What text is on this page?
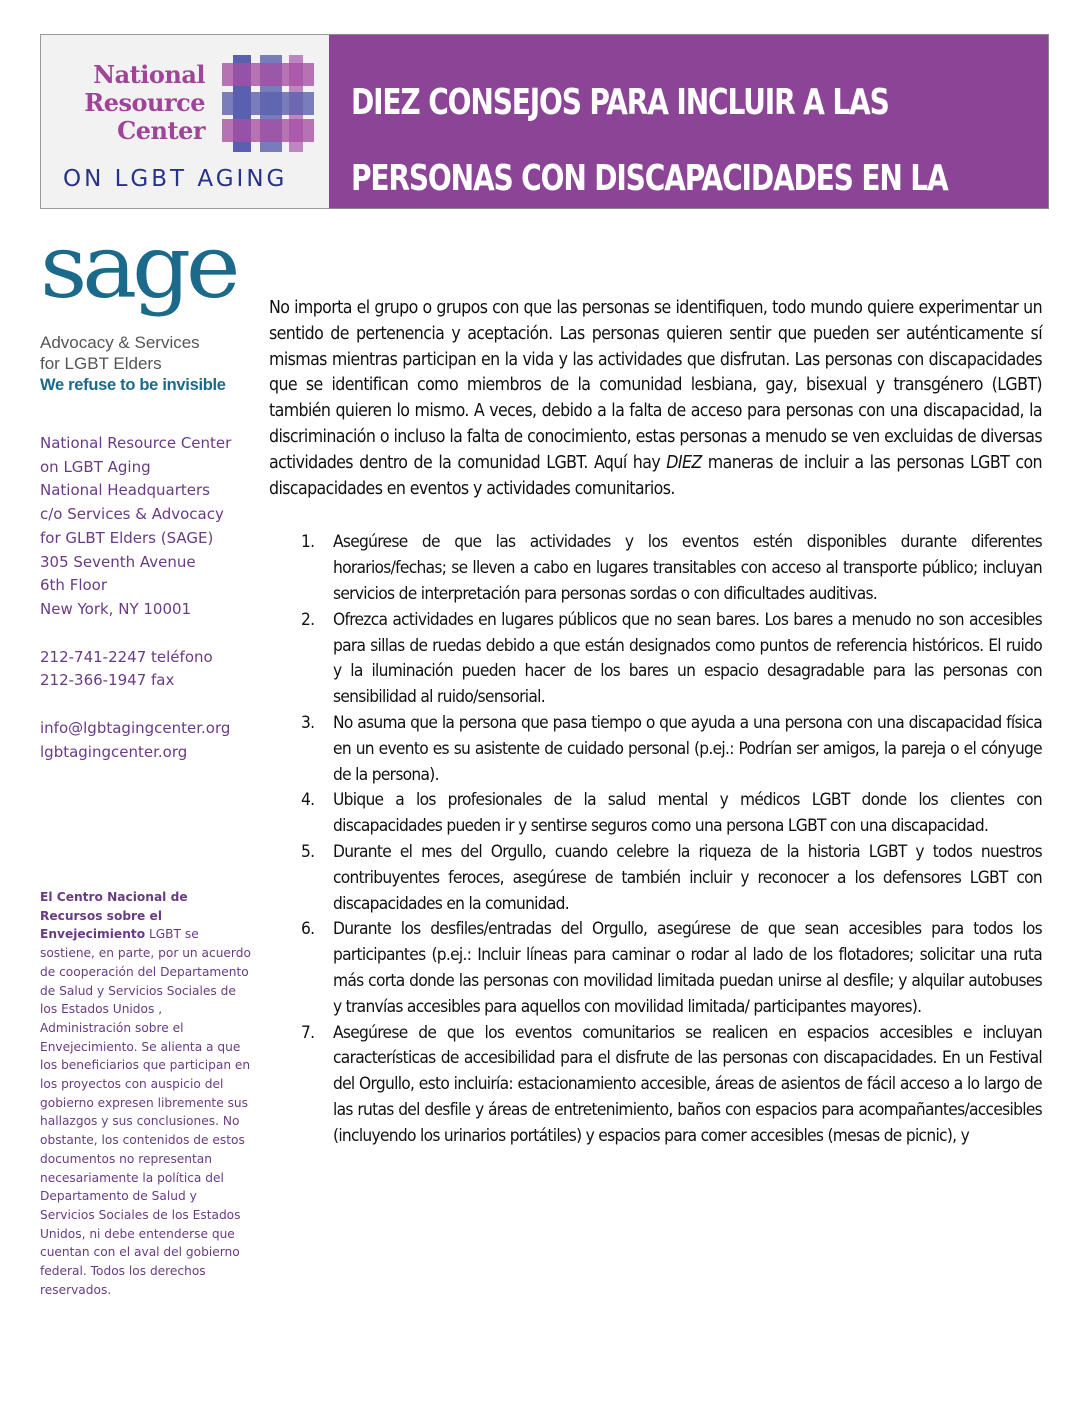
National
Resource
Center
ON LGBT AGING
DIEZ CONSEJOS PARA INCLUIR A LAS
PERSONAS CON DISCAPACIDADES EN LA
sage
Advocacy & Services
for LGBT Elders
We refuse to be invisible
National Resource Center
on LGBT Aging
National Headquarters
c/o Services & Advocacy
for GLBT Elders (SAGE)
305 Seventh Avenue
6th Floor
New York, NY 10001
212-741-2247 teléfono
212-366-1947 fax
info@lgbtagingcenter.org
lgbtagingcenter.org
El Centro Nacional de Recursos sobre el Envejecimiento LGBT se sostiene, en parte, por un acuerdo de cooperación del Departamento de Salud y Servicios Sociales de los Estados Unidos , Administración sobre el Envejecimiento. Se alienta a que los beneficiarios que participan en los proyectos con auspicio del gobierno expresen libremente sus hallazgos y sus conclusiones. No obstante, los contenidos de estos documentos no representan necesariamente la política del Departamento de Salud y Servicios Sociales de los Estados Unidos, ni debe entenderse que cuentan con el aval del gobierno federal. Todos los derechos reservados.

No importa el grupo o grupos con que las personas se identifiquen, todo mundo quiere experimentar un sentido de pertenencia y aceptación. Las personas quieren sentir que pueden ser auténticamente sí mismas mientras participan en la vida y las actividades que disfrutan. Las personas con discapacidades que se identifican como miembros de la comunidad lesbiana, gay, bisexual y transgénero (LGBT) también quieren lo mismo. A veces, debido a la falta de acceso para personas con una discapacidad, la discriminación o incluso la falta de conocimiento, estas personas a menudo se ven excluidas de diversas actividades dentro de la comunidad LGBT. Aquí hay DIEZ maneras de incluir a las personas LGBT con discapacidades en eventos y actividades comunitarios.

1. Asegúrese de que las actividades y los eventos estén disponibles durante diferentes horarios/fechas; se lleven a cabo en lugares transitables con acceso al transporte público; incluyan servicios de interpretación para personas sordas o con dificultades auditivas.
2. Ofrezca actividades en lugares públicos que no sean bares. Los bares a menudo no son accesibles para sillas de ruedas debido a que están designados como puntos de referencia históricos. El ruido y la iluminación pueden hacer de los bares un espacio desagradable para las personas con sensibilidad al ruido/sensorial.
3. No asuma que la persona que pasa tiempo o que ayuda a una persona con una discapacidad física en un evento es su asistente de cuidado personal (p.ej.: Podrían ser amigos, la pareja o el cónyuge de la persona).
4. Ubique a los profesionales de la salud mental y médicos LGBT donde los clientes con discapacidades pueden ir y sentirse seguros como una persona LGBT con una discapacidad.
5. Durante el mes del Orgullo, cuando celebre la riqueza de la historia LGBT y todos nuestros contribuyentes feroces, asegúrese de también incluir y reconocer a los defensores LGBT con discapacidades en la comunidad.
6. Durante los desfiles/entradas del Orgullo, asegúrese de que sean accesibles para todos los participantes (p.ej.: Incluir líneas para caminar o rodar al lado de los flotadores; solicitar una ruta más corta donde las personas con movilidad limitada puedan unirse al desfile; y alquilar autobuses y tranvías accesibles para aquellos con movilidad limitada/ participantes mayores).
7. Asegúrese de que los eventos comunitarios se realicen en espacios accesibles e incluyan características de accesibilidad para el disfrute de las personas con discapacidades. En un Festival del Orgullo, esto incluiría: estacionamiento accesible, áreas de asientos de fácil acceso a lo largo de las rutas del desfile y áreas de entretenimiento, baños con espacios para acompañantes/accesibles (incluyendo los urinarios portátiles) y espacios para comer accesibles (mesas de picnic), y
